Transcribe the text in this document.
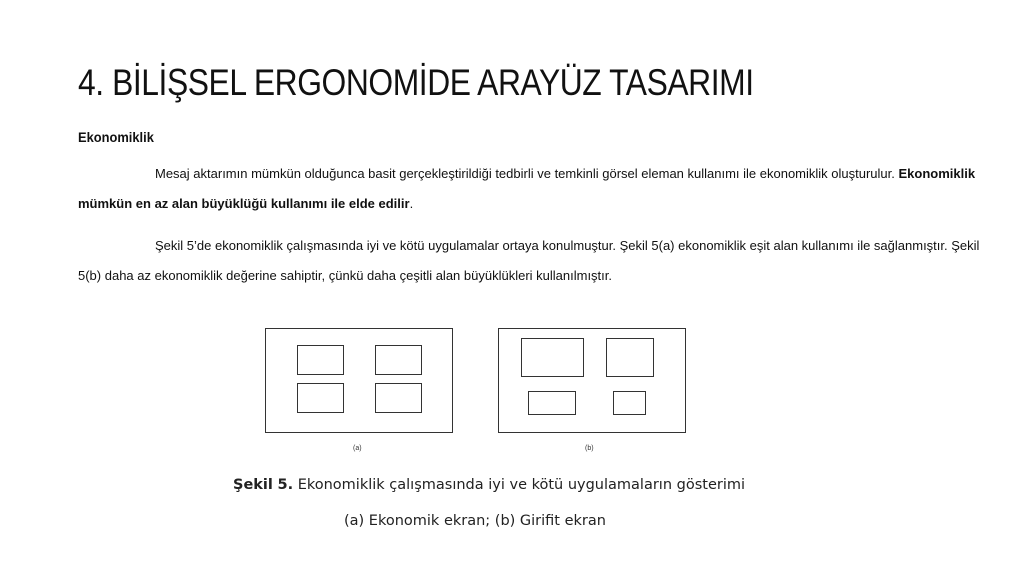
4. BİLİŞSEL ERGONOMİDE ARAYÜZ TASARIMI
Ekonomiklik
Mesaj aktarımın mümkün olduğunca basit gerçekleştirildiği tedbirli ve temkinli görsel eleman kullanımı ile ekonomiklik oluşturulur. Ekonomiklik mümkün en az alan büyüklüğü kullanımı ile elde edilir.
Şekil 5’de ekonomiklik çalışmasında iyi ve kötü uygulamalar ortaya konulmuştur. Şekil 5(a) ekonomiklik eşit alan kullanımı ile sağlanmıştır. Şekil 5(b) daha az ekonomiklik değerine sahiptir, çünkü daha çeşitli alan büyüklükleri kullanılmıştır.
(a)	(b)
Şekil 5. Ekonomiklik çalışmasında iyi ve kötü uygulamaların gösterimi
(a) Ekonomik ekran; (b) Girifit ekran
